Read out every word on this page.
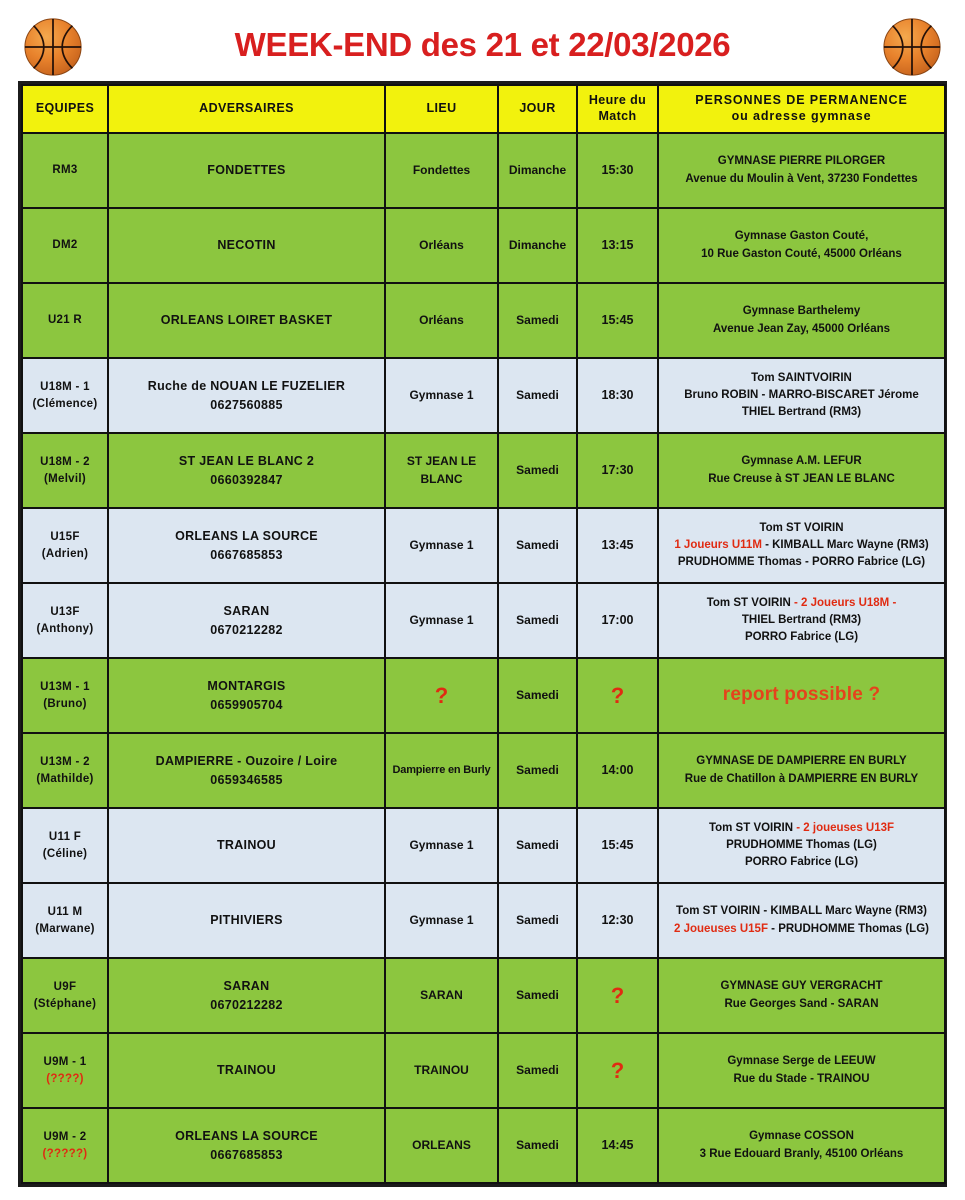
WEEK-END des 21 et 22/03/2026
EQUIPES	ADVERSAIRES	LIEU	JOUR	Heure du
Match	PERSONNES DE PERMANENCE
ou adresse gymnase

RM3	FONDETTES	Fondettes	Dimanche	15:30	GYMNASE PIERRE PILORGER
Avenue du Moulin à Vent, 37230 Fondettes

DM2	NECOTIN	Orléans	Dimanche	13:15	Gymnase Gaston Couté,
10 Rue Gaston Couté, 45000 Orléans

U21 R	ORLEANS LOIRET BASKET	Orléans	Samedi	15:45	Gymnase Barthelemy
Avenue Jean Zay, 45000 Orléans

U18M - 1
(Clémence)	Ruche de NOUAN LE FUZELIER
0627560885	Gymnase 1	Samedi	18:30	Tom SAINTVOIRIN
Bruno ROBIN - MARRO-BISCARET Jérome
THIEL Bertrand (RM3)

U18M - 2
(Melvil)	ST JEAN LE BLANC 2
0660392847	ST JEAN LE BLANC	Samedi	17:30	Gymnase A.M. LEFUR
Rue Creuse à ST JEAN LE BLANC

U15F
(Adrien)	ORLEANS LA SOURCE
0667685853	Gymnase 1	Samedi	13:45	Tom ST VOIRIN
1 Joueurs U11M - KIMBALL Marc Wayne (RM3)
PRUDHOMME Thomas - PORRO Fabrice (LG)

U13F
(Anthony)	SARAN
0670212282	Gymnase 1	Samedi	17:00	Tom ST VOIRIN - 2 Joueurs U18M -
THIEL Bertrand (RM3)
PORRO Fabrice (LG)

U13M - 1
(Bruno)	MONTARGIS
0659905704	?	Samedi	?	report possible ?

U13M - 2
(Mathilde)	DAMPIERRE - Ouzoire / Loire
0659346585	Dampierre en Burly	Samedi	14:00	GYMNASE DE DAMPIERRE EN BURLY
Rue de Chatillon à DAMPIERRE EN BURLY

U11 F
(Céline)	TRAINOU	Gymnase 1	Samedi	15:45	Tom ST VOIRIN - 2 joueuses U13F
PRUDHOMME Thomas (LG)
PORRO Fabrice (LG)

U11 M
(Marwane)	PITHIVIERS	Gymnase 1	Samedi	12:30	Tom ST VOIRIN - KIMBALL Marc Wayne (RM3)
2 Joueuses U15F - PRUDHOMME Thomas (LG)

U9F
(Stéphane)	SARAN
0670212282	SARAN	Samedi	?	GYMNASE GUY VERGRACHT
Rue Georges Sand - SARAN

U9M - 1
(????)	TRAINOU	TRAINOU	Samedi	?	Gymnase Serge de LEEUW
Rue du Stade - TRAINOU

U9M - 2
(?????)	ORLEANS LA SOURCE
0667685853	ORLEANS	Samedi	14:45	Gymnase COSSON
3 Rue Edouard Branly, 45100 Orléans
